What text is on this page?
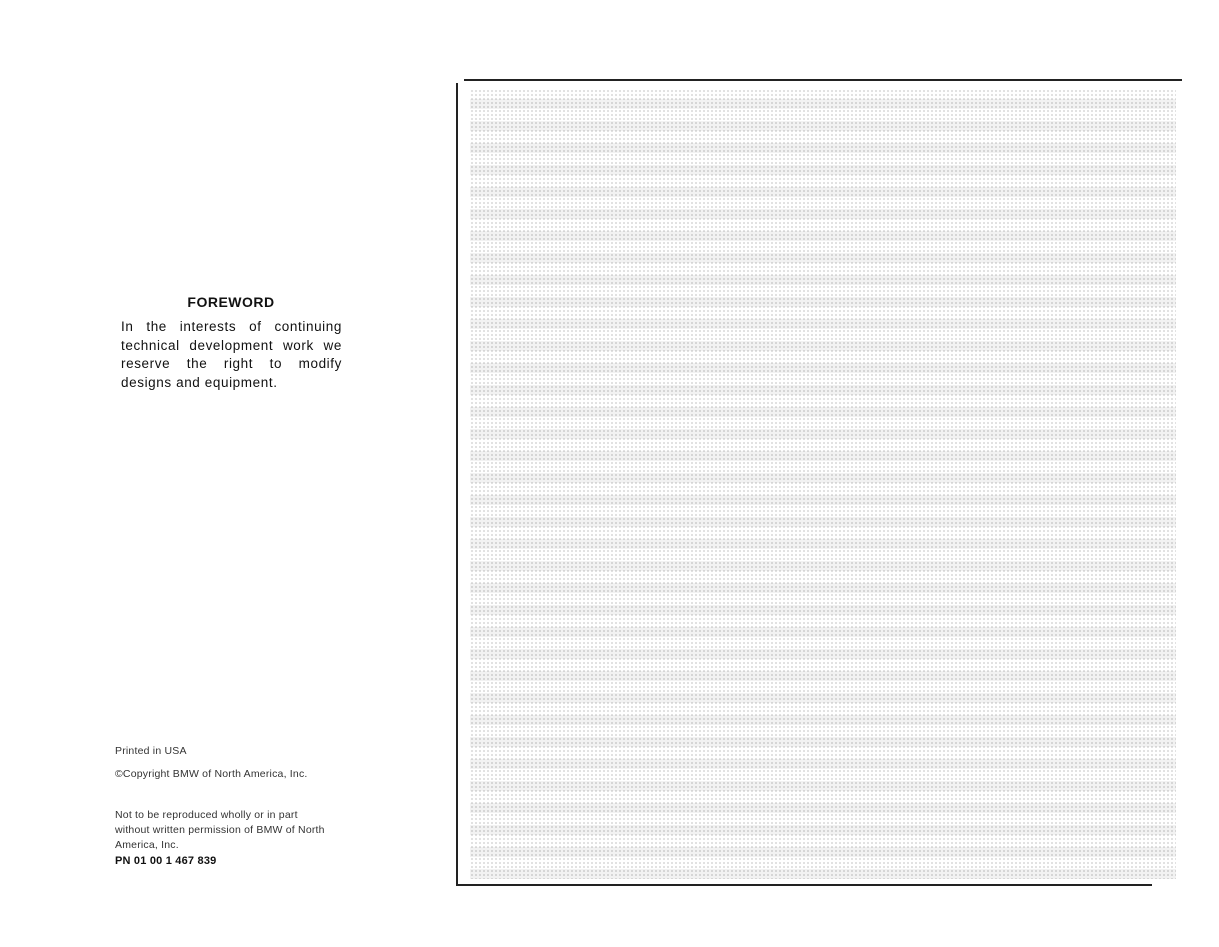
FOREWORD
In the interests of continuing technical development work we reserve the right to modify designs and equipment.
Printed in USA
©Copyright BMW of North America, Inc.
Not to be reproduced wholly or in part without written permission of BMW of North America, Inc.
PN 01 00 1 467 839
